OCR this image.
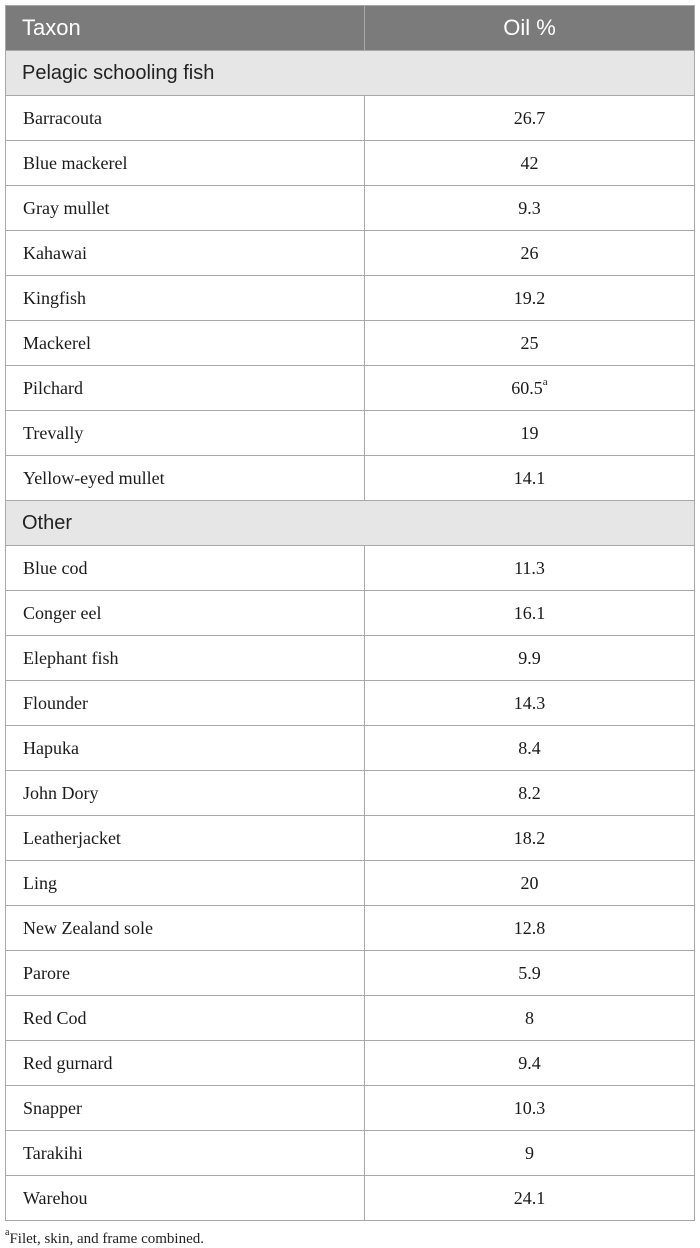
Taxon	Oil %
Pelagic schooling fish	
Barracouta	26.7
Blue mackerel	42
Gray mullet	9.3
Kahawai	26
Kingfish	19.2
Mackerel	25
Pilchard	60.5$^a$
Trevally	19
Yellow-eyed mullet	14.1
Other	
Blue cod	11.3
Conger eel	16.1
Elephant fish	9.9
Flounder	14.3
Hapuka	8.4
John Dory	8.2
Leatherjacket	18.2
Ling	20
New Zealand sole	12.8
Parore	5.9
Red Cod	8
Red gurnard	9.4
Snapper	10.3
Tarakihi	9
Warehou	24.1
$^a$Filet, skin, and frame combined.
